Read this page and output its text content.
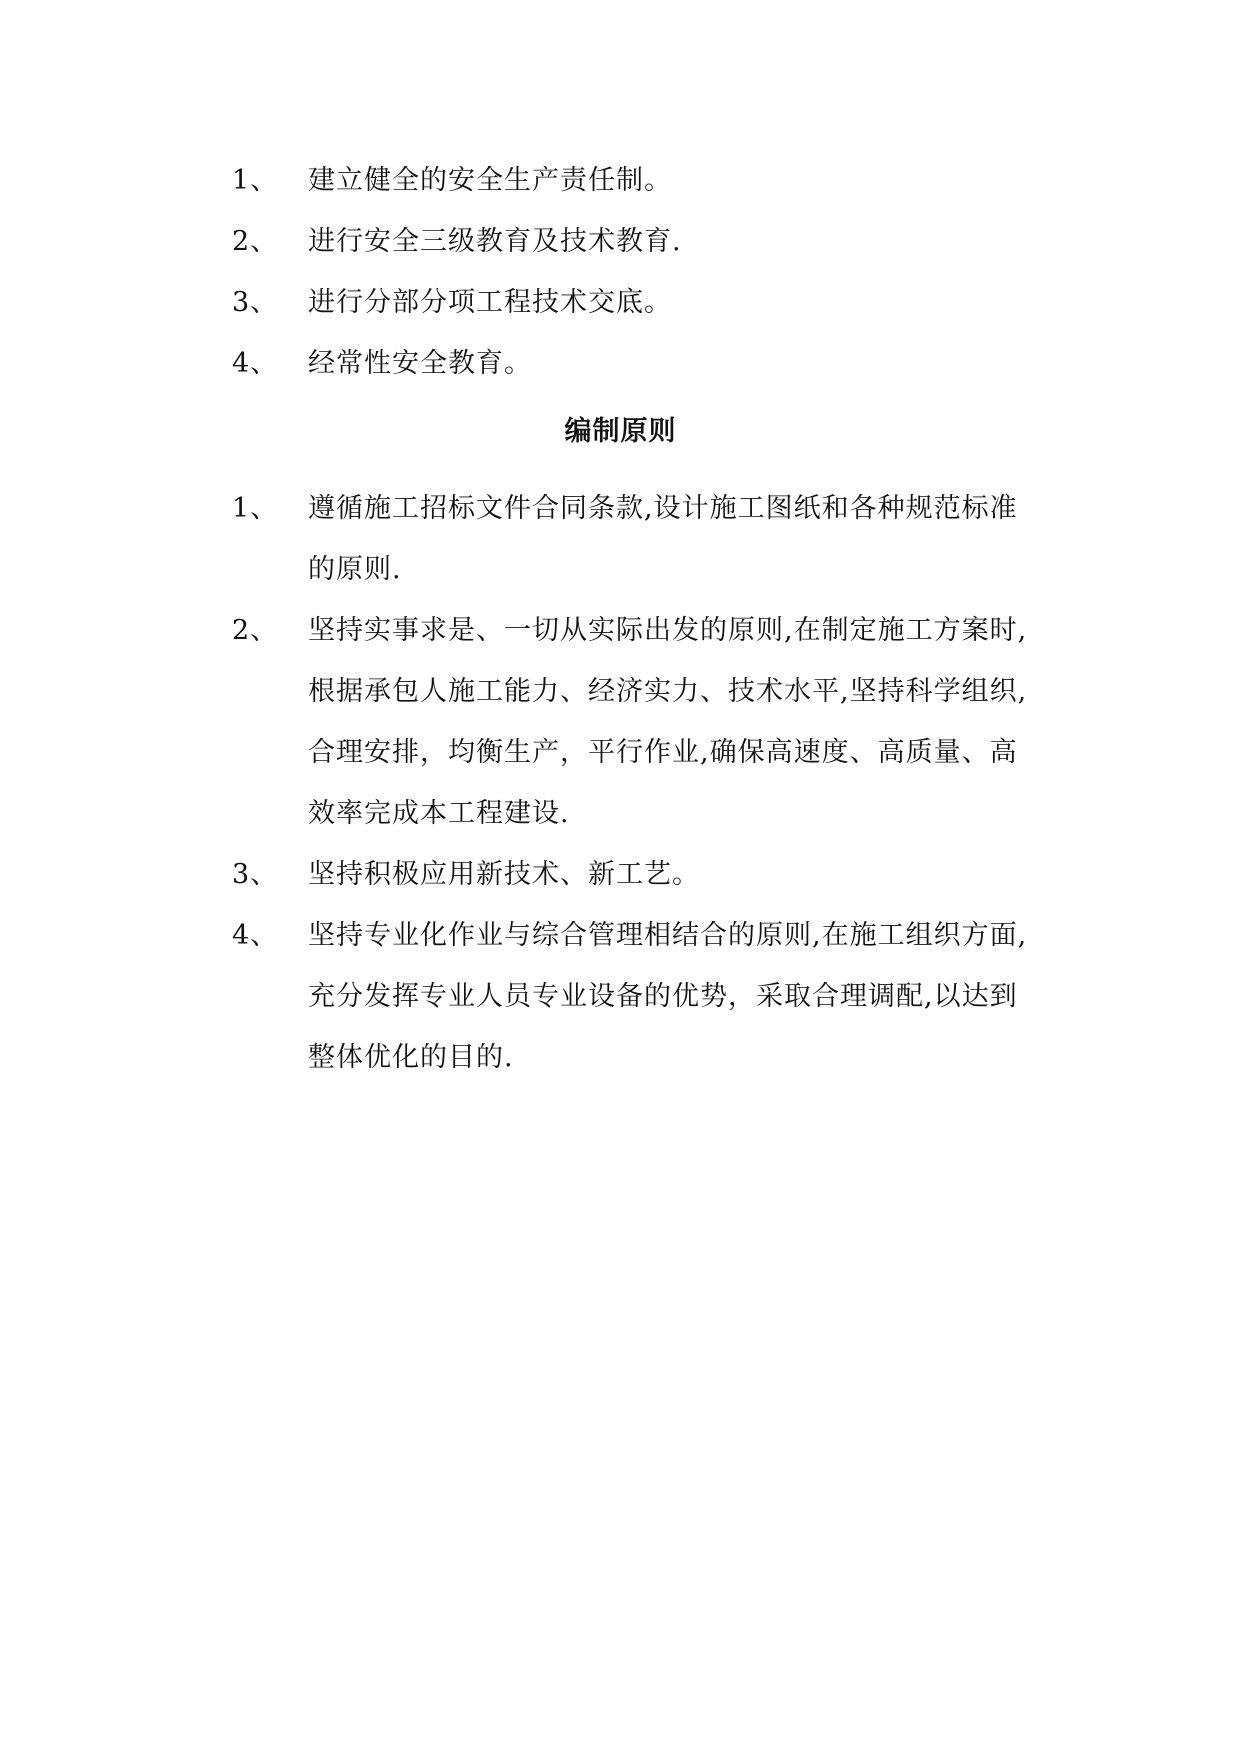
1、	建立健全的安全生产责任制。
2、	进行安全三级教育及技术教育.
3、	进行分部分项工程技术交底。
4、	经常性安全教育。
编制原则
1、	遵循施工招标文件合同条款,设计施工图纸和各种规范标准
的原则.
2、	坚持实事求是、一切从实际出发的原则,在制定施工方案时,
根据承包人施工能力、经济实力、技术水平,坚持科学组织,
合理安排，均衡生产，平行作业,确保高速度、高质量、高
效率完成本工程建设.
3、	坚持积极应用新技术、新工艺。
4、	坚持专业化作业与综合管理相结合的原则,在施工组织方面,
充分发挥专业人员专业设备的优势，采取合理调配,以达到
整体优化的目的.
